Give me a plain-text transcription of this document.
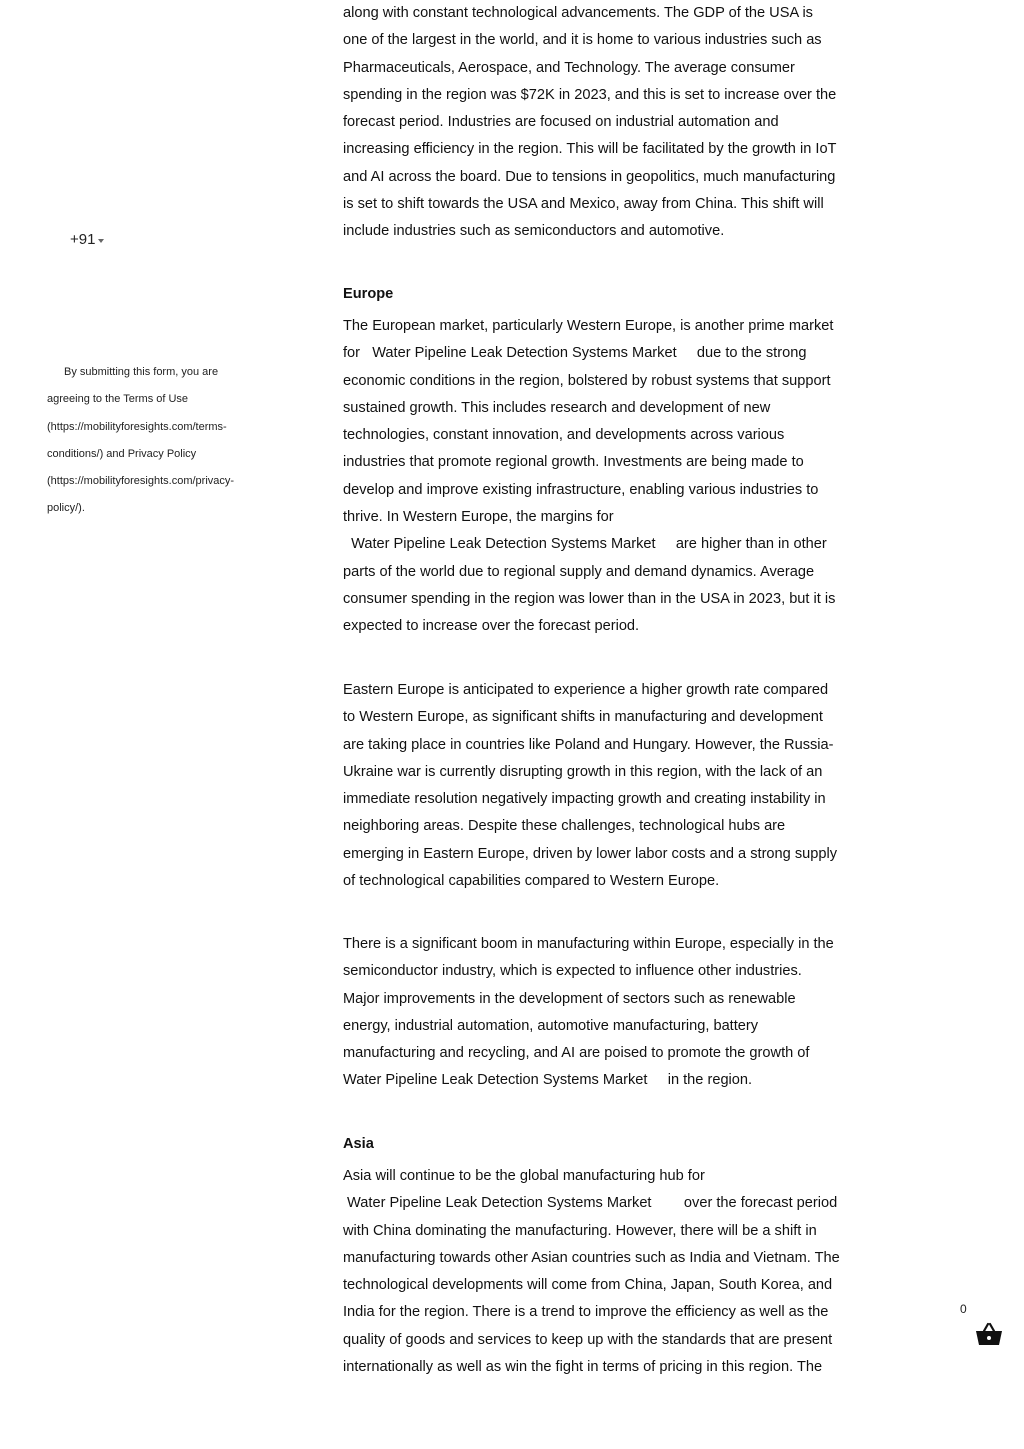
+91

By submitting this form, you are agreeing to the Terms of Use (https://mobilityforesights.com/terms-conditions/) and Privacy Policy (https://mobilityforesights.com/privacy-policy/).

along with constant technological advancements. The GDP of the USA is one of the largest in the world, and it is home to various industries such as Pharmaceuticals, Aerospace, and Technology. The average consumer spending in the region was $72K in 2023, and this is set to increase over the forecast period. Industries are focused on industrial automation and increasing efficiency in the region. This will be facilitated by the growth in IoT and AI across the board. Due to tensions in geopolitics, much manufacturing is set to shift towards the USA and Mexico, away from China. This shift will include industries such as semiconductors and automotive.

Europe

The European market, particularly Western Europe, is another prime market for   Water Pipeline Leak Detection Systems Market     due to the strong economic conditions in the region, bolstered by robust systems that support sustained growth. This includes research and development of new technologies, constant innovation, and developments across various industries that promote regional growth. Investments are being made to develop and improve existing infrastructure, enabling various industries to thrive. In Western Europe, the margins for   Water Pipeline Leak Detection Systems Market     are higher than in other parts of the world due to regional supply and demand dynamics. Average consumer spending in the region was lower than in the USA in 2023, but it is expected to increase over the forecast period.

Eastern Europe is anticipated to experience a higher growth rate compared to Western Europe, as significant shifts in manufacturing and development are taking place in countries like Poland and Hungary. However, the Russia-Ukraine war is currently disrupting growth in this region, with the lack of an immediate resolution negatively impacting growth and creating instability in neighboring areas. Despite these challenges, technological hubs are emerging in Eastern Europe, driven by lower labor costs and a strong supply of technological capabilities compared to Western Europe.

There is a significant boom in manufacturing within Europe, especially in the semiconductor industry, which is expected to influence other industries. Major improvements in the development of sectors such as renewable energy, industrial automation, automotive manufacturing, battery manufacturing and recycling, and AI are poised to promote the growth of Water Pipeline Leak Detection Systems Market     in the region.

Asia

Asia will continue to be the global manufacturing hub for  Water Pipeline Leak Detection Systems Market        over the forecast period with China dominating the manufacturing. However, there will be a shift in manufacturing towards other Asian countries such as India and Vietnam. The technological developments will come from China, Japan, South Korea, and India for the region. There is a trend to improve the efficiency as well as the quality of goods and services to keep up with the standards that are present internationally as well as win the fight in terms of pricing in this region. The

0
